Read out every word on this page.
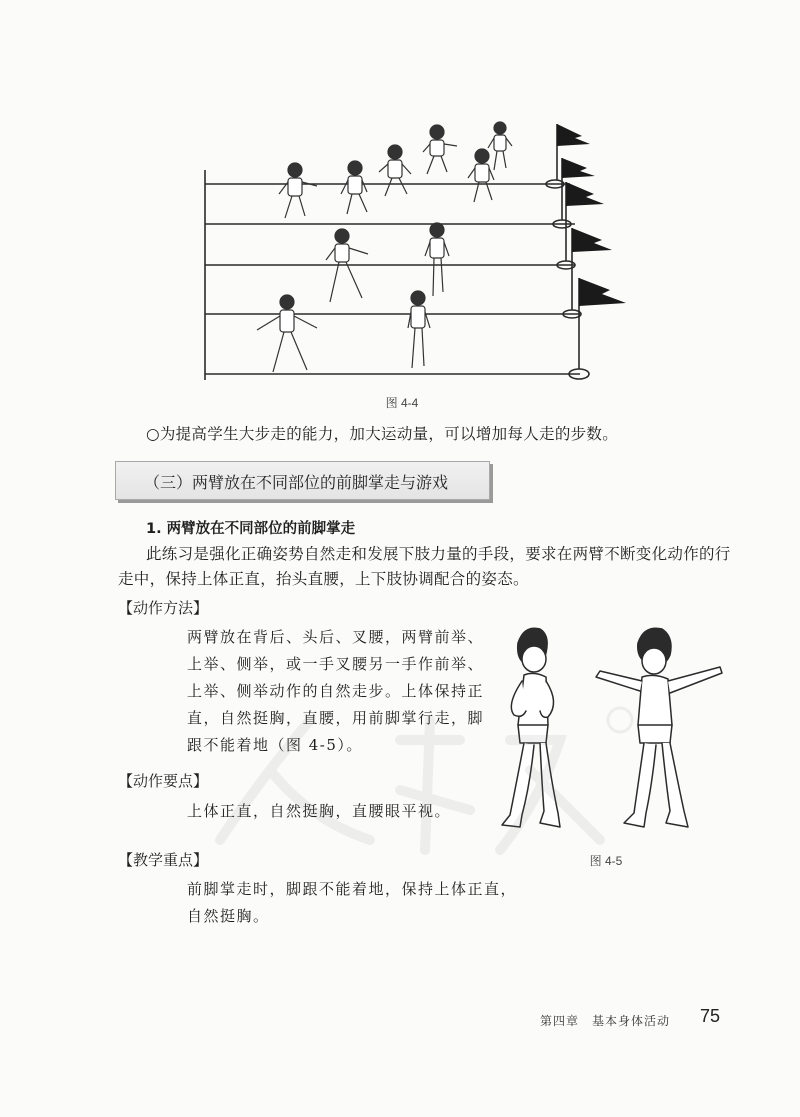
图 4-4
○为提高学生大步走的能力，加大运动量，可以增加每人走的步数。
（三）两臂放在不同部位的前脚掌走与游戏
1. 两臂放在不同部位的前脚掌走
此练习是强化正确姿势自然走和发展下肢力量的手段，要求在两臂不断变化动作的行走中，保持上体正直，抬头直腰，上下肢协调配合的姿态。
【动作方法】
两臂放在背后、头后、叉腰，两臂前举、
上举、侧举，或一手叉腰另一手作前举、
上举、侧举动作的自然走步。上体保持正
直，自然挺胸，直腰，用前脚掌行走，脚
跟不能着地（图 4-5）。
【动作要点】
上体正直，自然挺胸，直腰眼平视。
【教学重点】
前脚掌走时，脚跟不能着地，保持上体正直，
自然挺胸。
图 4-5
第四章　基本身体活动 75
